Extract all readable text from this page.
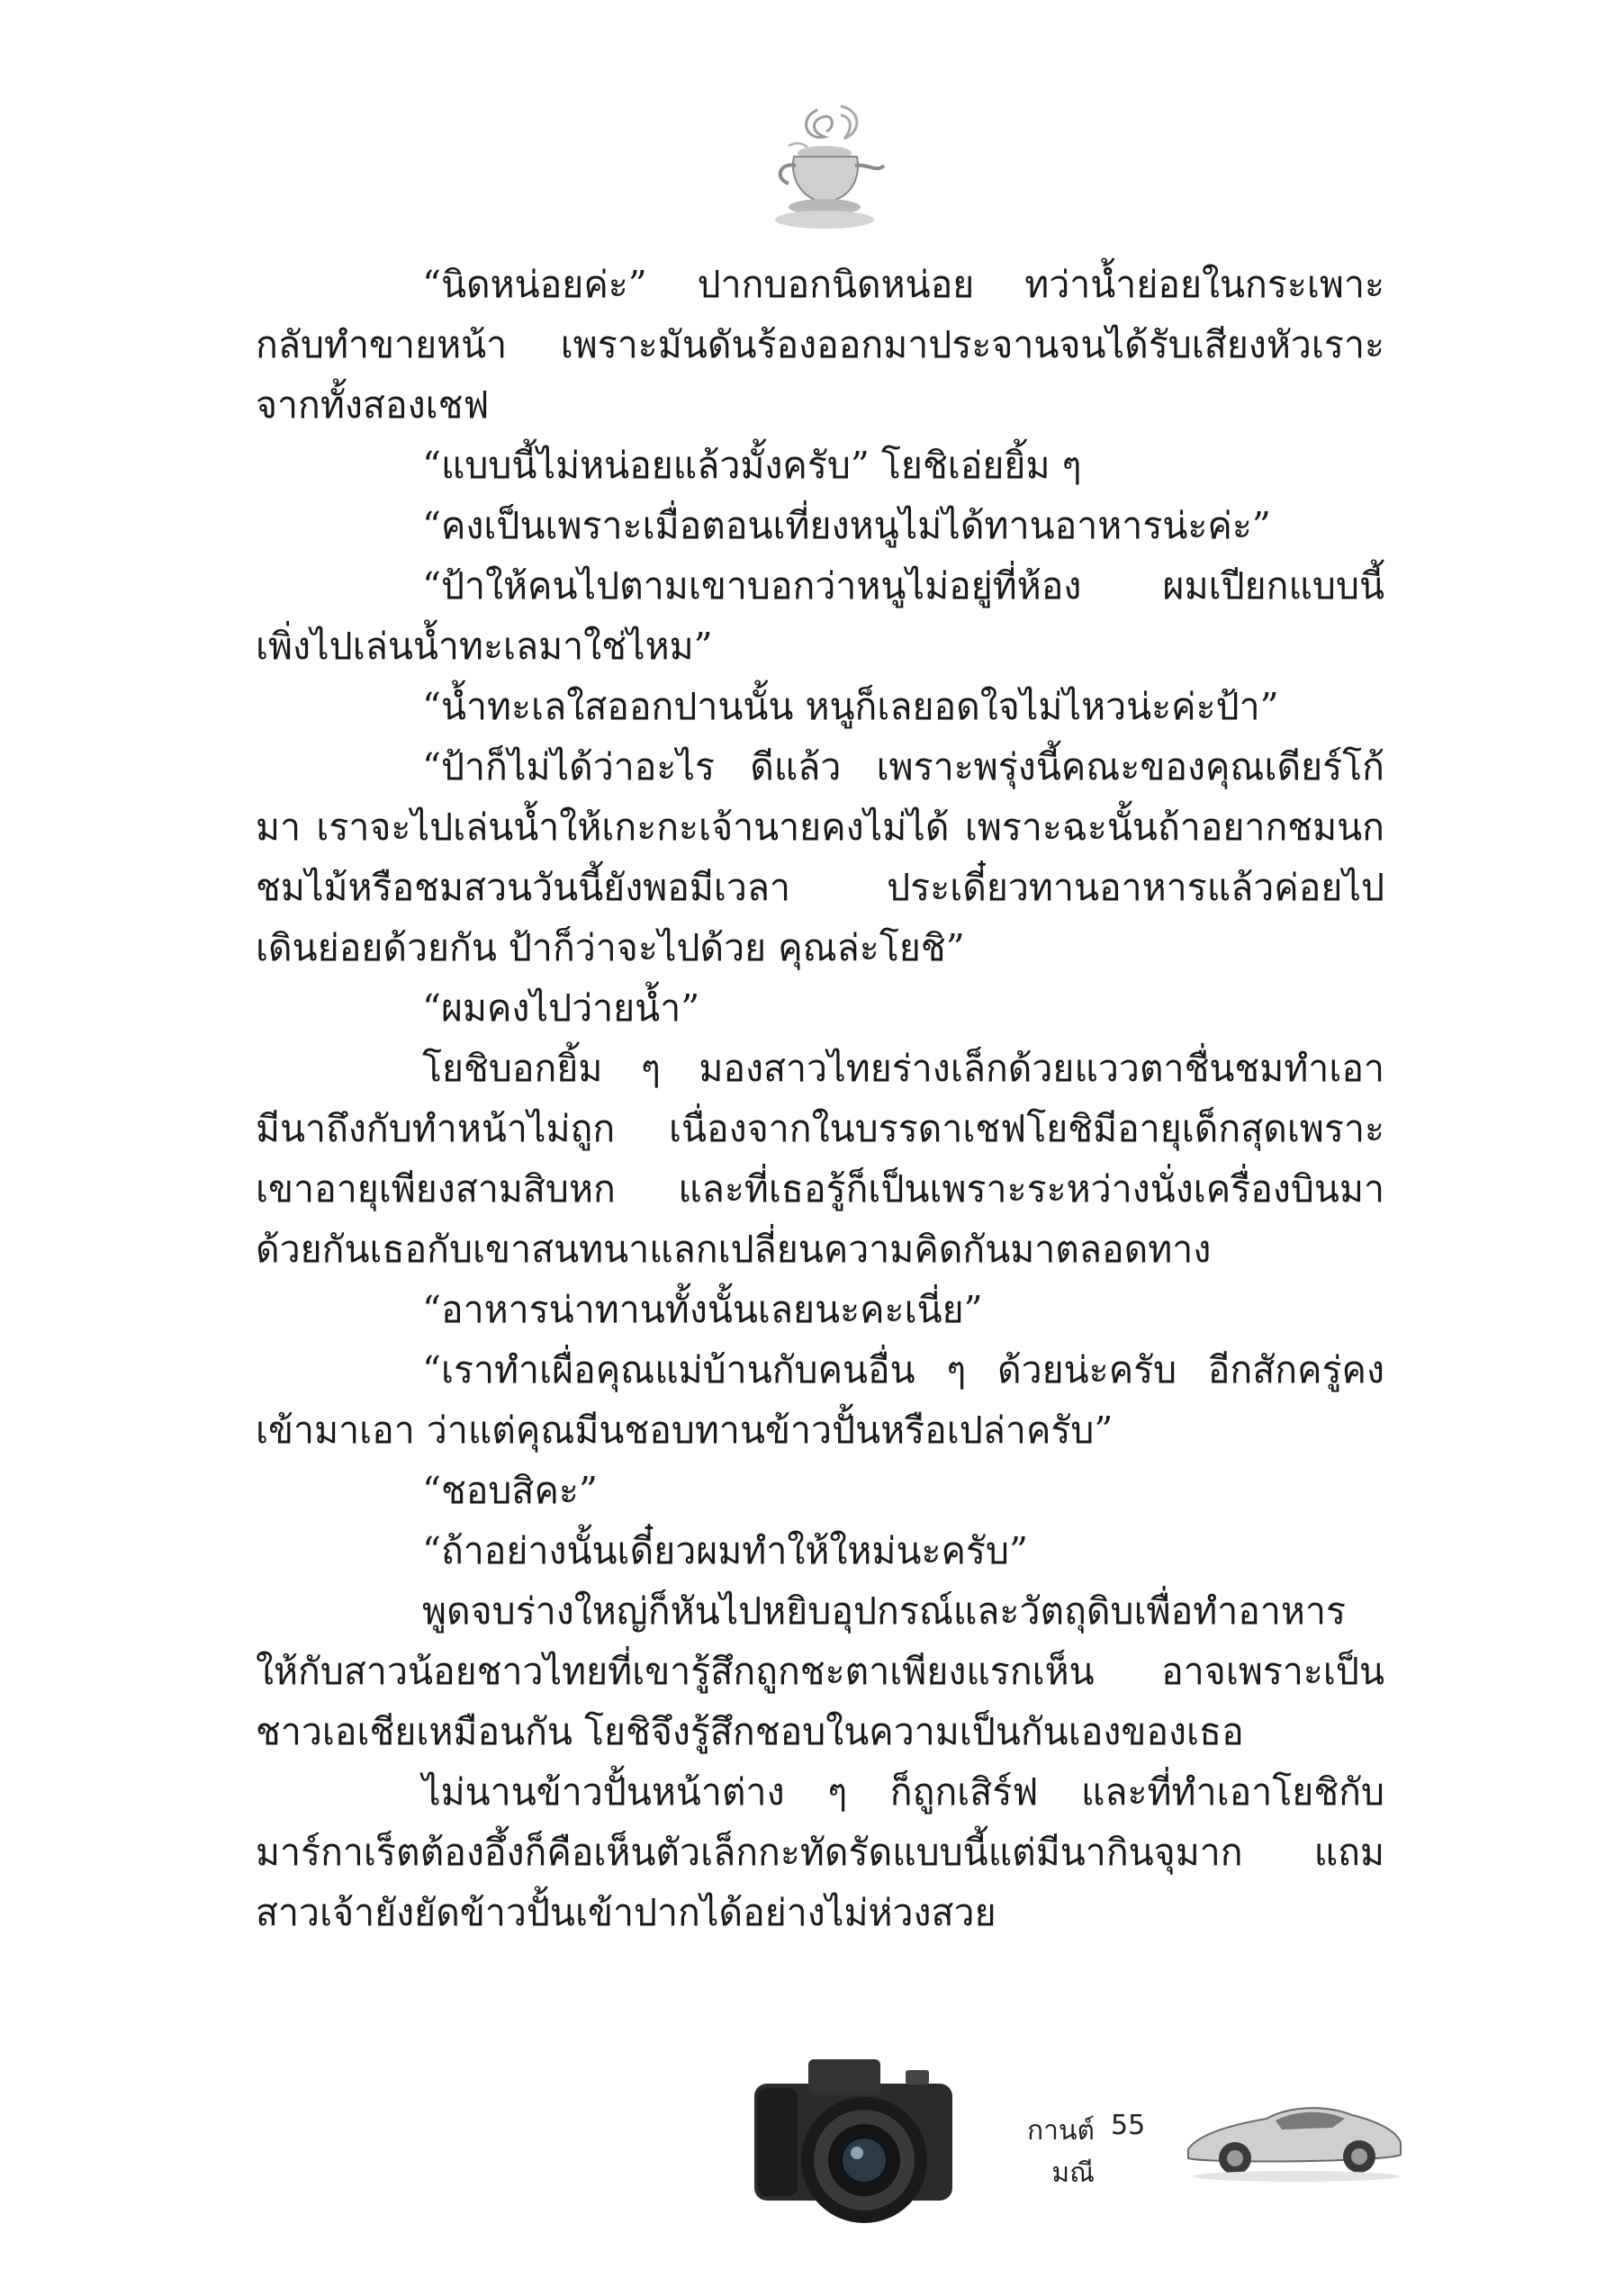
“นิดหน่อยค่ะ” ปากบอกนิดหน่อย ทว่าน้ำย่อยในกระเพาะ
กลับทำขายหน้า เพราะมันดันร้องออกมาประจานจนได้รับเสียงหัวเราะ
จากทั้งสองเชฟ
“แบบนี้ไม่หน่อยแล้วมั้งครับ” โยชิเอ่ยยิ้ม ๆ
“คงเป็นเพราะเมื่อตอนเที่ยงหนูไม่ได้ทานอาหารน่ะค่ะ”
“ป้าให้คนไปตามเขาบอกว่าหนูไม่อยู่ที่ห้อง ผมเปียกแบบนี้
เพิ่งไปเล่นน้ำทะเลมาใช่ไหม”
“น้ำทะเลใสออกปานนั้น หนูก็เลยอดใจไม่ไหวน่ะค่ะป้า”
“ป้าก็ไม่ได้ว่าอะไร ดีแล้ว เพราะพรุ่งนี้คณะของคุณเดียร์โก้
มา เราจะไปเล่นน้ำให้เกะกะเจ้านายคงไม่ได้ เพราะฉะนั้นถ้าอยากชมนก
ชมไม้หรือชมสวนวันนี้ยังพอมีเวลา ประเดี๋ยวทานอาหารแล้วค่อยไป
เดินย่อยด้วยกัน ป้าก็ว่าจะไปด้วย คุณล่ะโยชิ”
“ผมคงไปว่ายน้ำ”
โยชิบอกยิ้ม ๆ มองสาวไทยร่างเล็กด้วยแววตาชื่นชมทำเอา
มีนาถึงกับทำหน้าไม่ถูก เนื่องจากในบรรดาเชฟโยชิมีอายุเด็กสุดเพราะ
เขาอายุเพียงสามสิบหก และที่เธอรู้ก็เป็นเพราะระหว่างนั่งเครื่องบินมา
ด้วยกันเธอกับเขาสนทนาแลกเปลี่ยนความคิดกันมาตลอดทาง
“อาหารน่าทานทั้งนั้นเลยนะคะเนี่ย”
“เราทำเผื่อคุณแม่บ้านกับคนอื่น ๆ ด้วยน่ะครับ อีกสักครู่คง
เข้ามาเอา ว่าแต่คุณมีนชอบทานข้าวปั้นหรือเปล่าครับ”
“ชอบสิคะ”
“ถ้าอย่างนั้นเดี๋ยวผมทำให้ใหม่นะครับ”
พูดจบร่างใหญ่ก็หันไปหยิบอุปกรณ์และวัตถุดิบเพื่อทำอาหาร
ให้กับสาวน้อยชาวไทยที่เขารู้สึกถูกชะตาเพียงแรกเห็น อาจเพราะเป็น
ชาวเอเชียเหมือนกัน โยชิจึงรู้สึกชอบในความเป็นกันเองของเธอ
ไม่นานข้าวปั้นหน้าต่าง ๆ ก็ถูกเสิร์ฟ และที่ทำเอาโยชิกับ
มาร์กาเร็ตต้องอึ้งก็คือเห็นตัวเล็กกะทัดรัดแบบนี้แต่มีนากินจุมาก แถม
สาวเจ้ายังยัดข้าวปั้นเข้าปากได้อย่างไม่ห่วงสวย
กานต์มณี
55
